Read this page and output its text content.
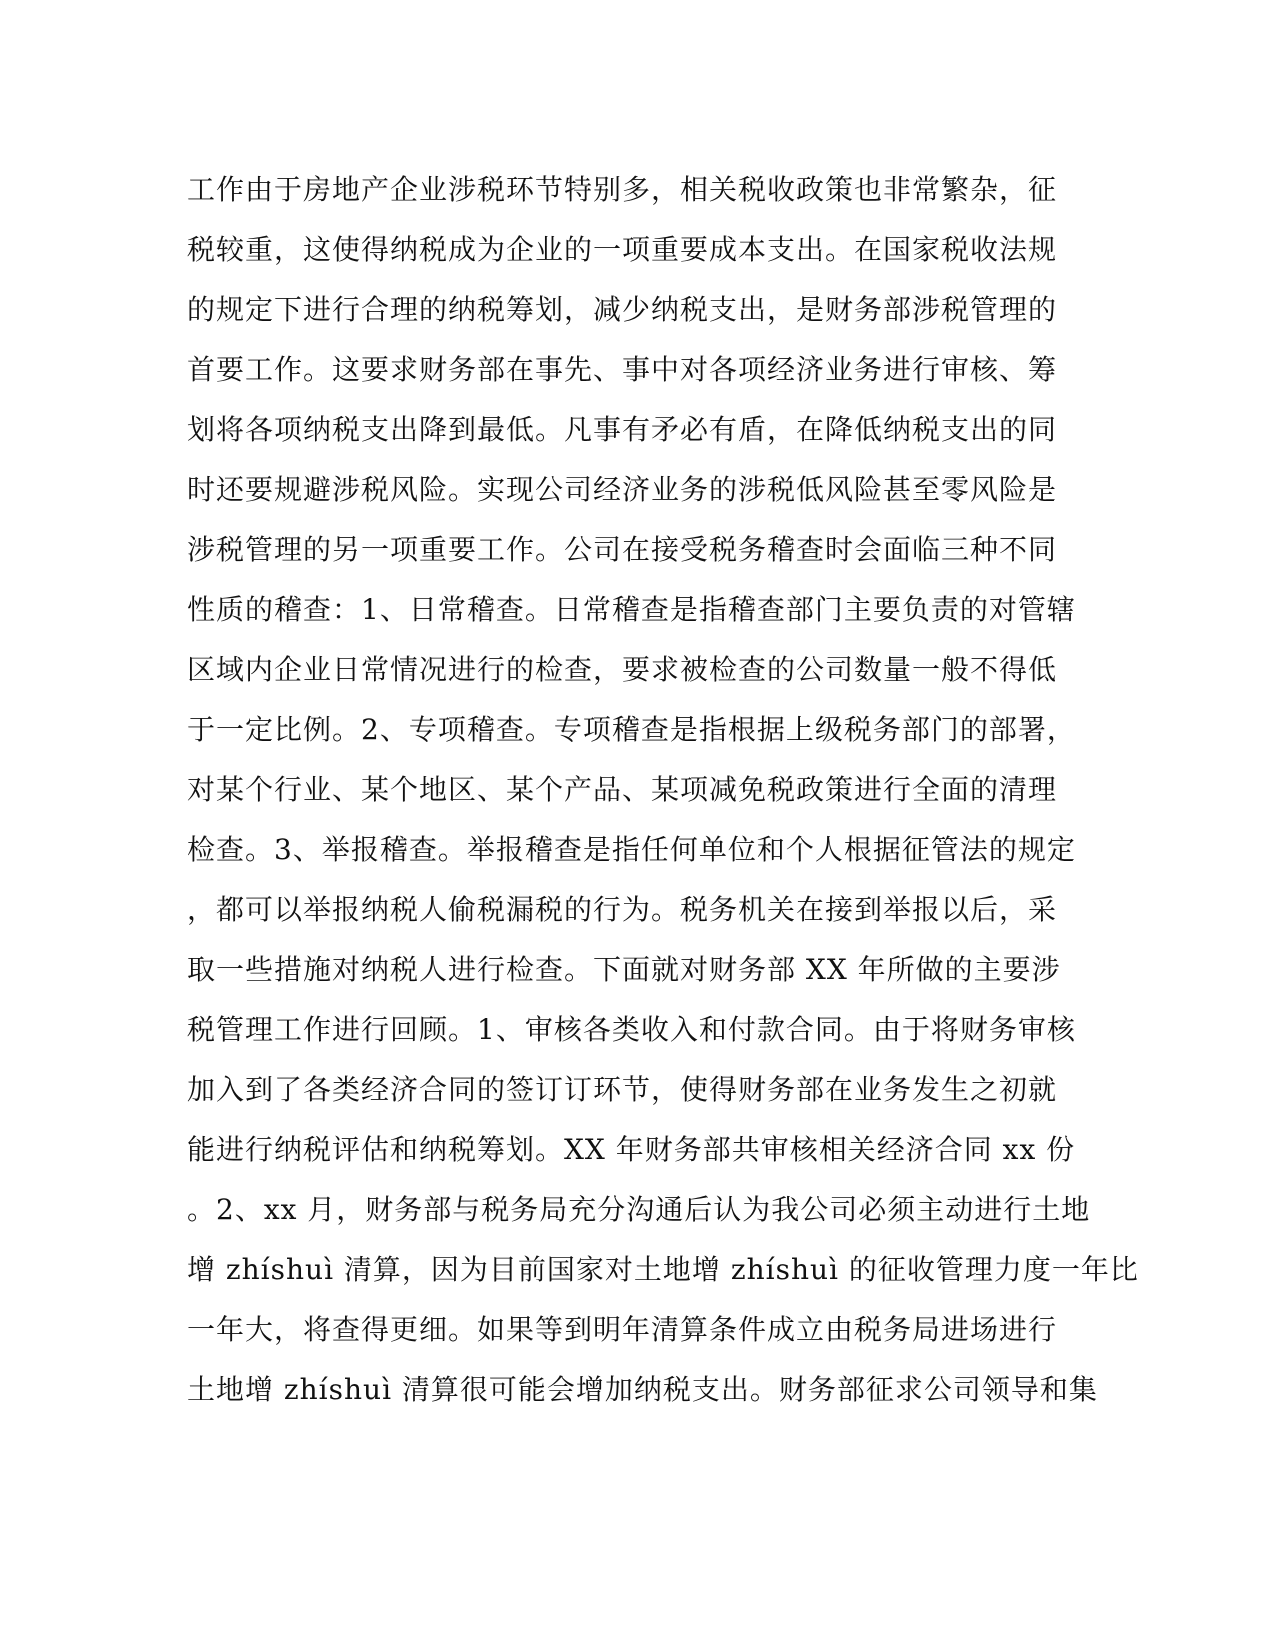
工作由于房地产企业涉税环节特别多，相关税收政策也非常繁杂，征
税较重，这使得纳税成为企业的一项重要成本支出。在国家税收法规
的规定下进行合理的纳税筹划，减少纳税支出，是财务部涉税管理的
首要工作。这要求财务部在事先、事中对各项经济业务进行审核、筹
划将各项纳税支出降到最低。凡事有矛必有盾，在降低纳税支出的同
时还要规避涉税风险。实现公司经济业务的涉税低风险甚至零风险是
涉税管理的另一项重要工作。公司在接受税务稽查时会面临三种不同
性质的稽查：1、日常稽查。日常稽查是指稽查部门主要负责的对管辖
区域内企业日常情况进行的检查，要求被检查的公司数量一般不得低
于一定比例。2、专项稽查。专项稽查是指根据上级税务部门的部署，
对某个行业、某个地区、某个产品、某项减免税政策进行全面的清理
检查。3、举报稽查。举报稽查是指任何单位和个人根据征管法的规定
，都可以举报纳税人偷税漏税的行为。税务机关在接到举报以后，采
取一些措施对纳税人进行检查。下面就对财务部 XX 年所做的主要涉
税管理工作进行回顾。1、审核各类收入和付款合同。由于将财务审核
加入到了各类经济合同的签订订环节，使得财务部在业务发生之初就
能进行纳税评估和纳税筹划。XX 年财务部共审核相关经济合同 xx 份
。2、xx 月，财务部与税务局充分沟通后认为我公司必须主动进行土地
增 zhíshuì 清算，因为目前国家对土地增 zhíshuì 的征收管理力度一年比
一年大，将查得更细。如果等到明年清算条件成立由税务局进场进行
土地增 zhíshuì 清算很可能会增加纳税支出。财务部征求公司领导和集
